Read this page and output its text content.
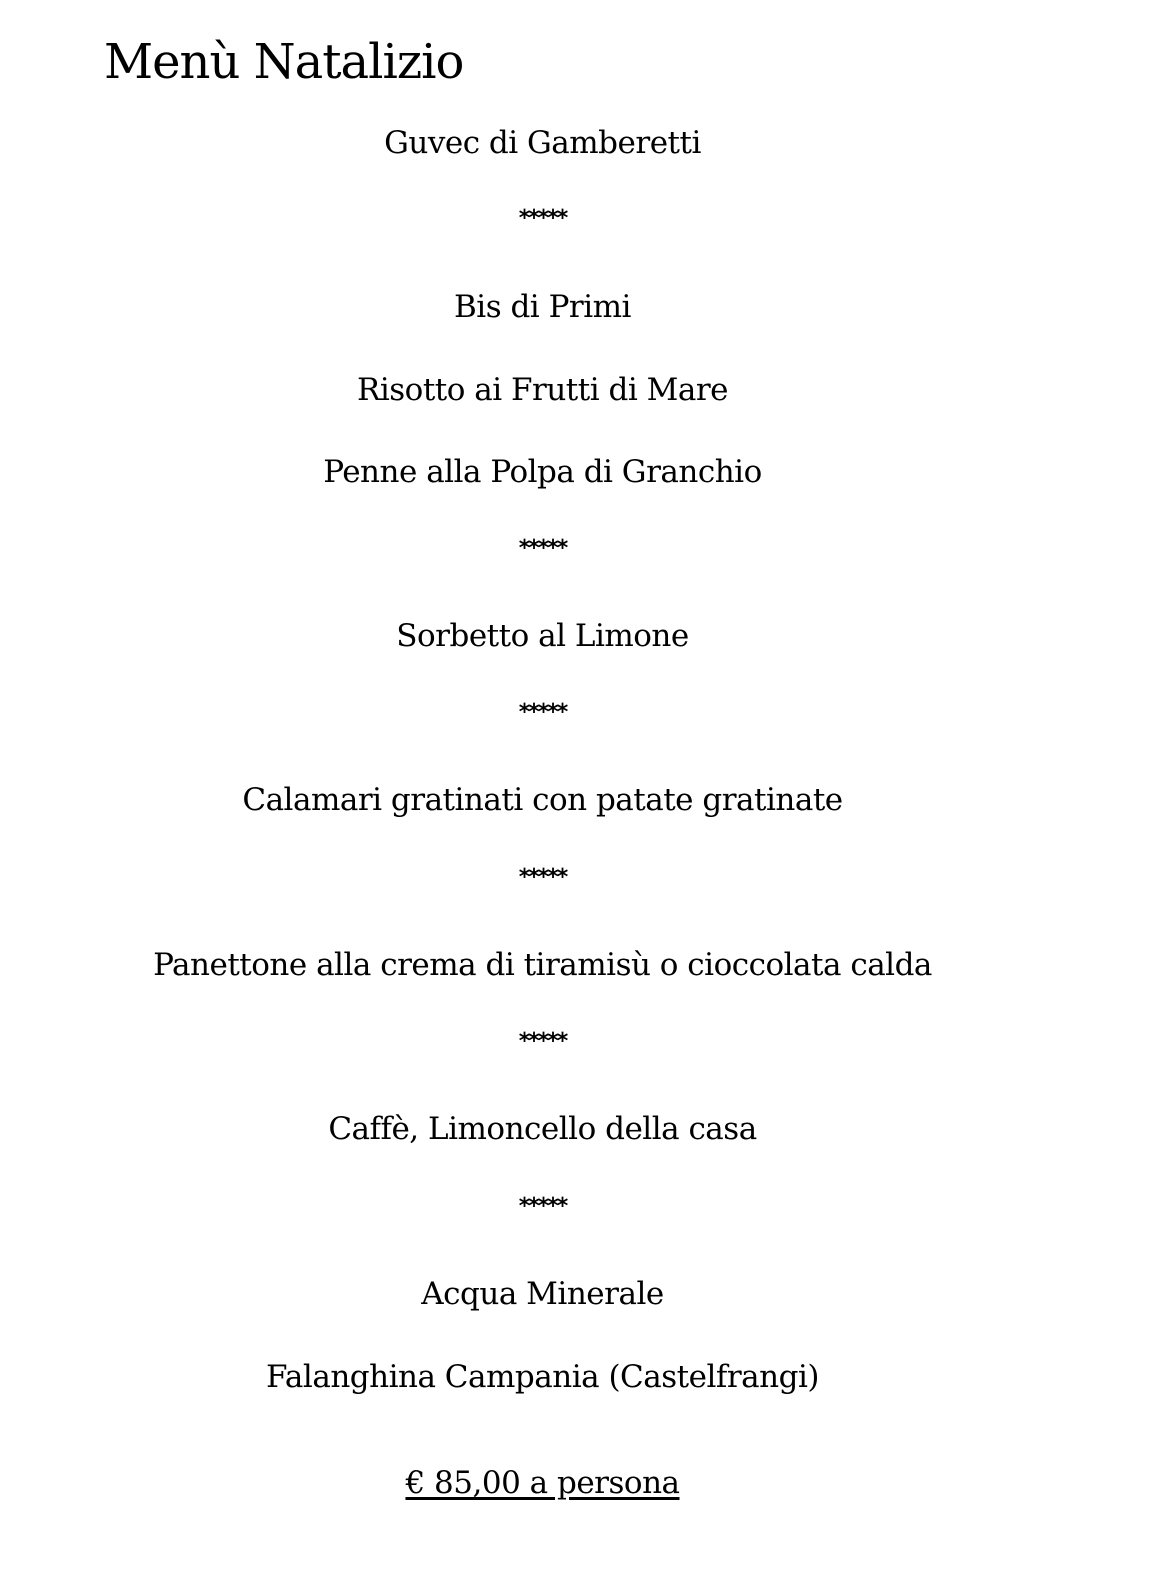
Menù Natalizio
Guvec di Gamberetti
*****
Bis di Primi
Risotto ai Frutti di Mare
Penne alla Polpa di Granchio
*****
Sorbetto al Limone
*****
Calamari gratinati con patate gratinate
*****
Panettone alla crema di tiramisù o cioccolata calda
*****
Caffè, Limoncello della casa
*****
Acqua Minerale
Falanghina Campania (Castelfrangi)
€ 85,00 a persona
